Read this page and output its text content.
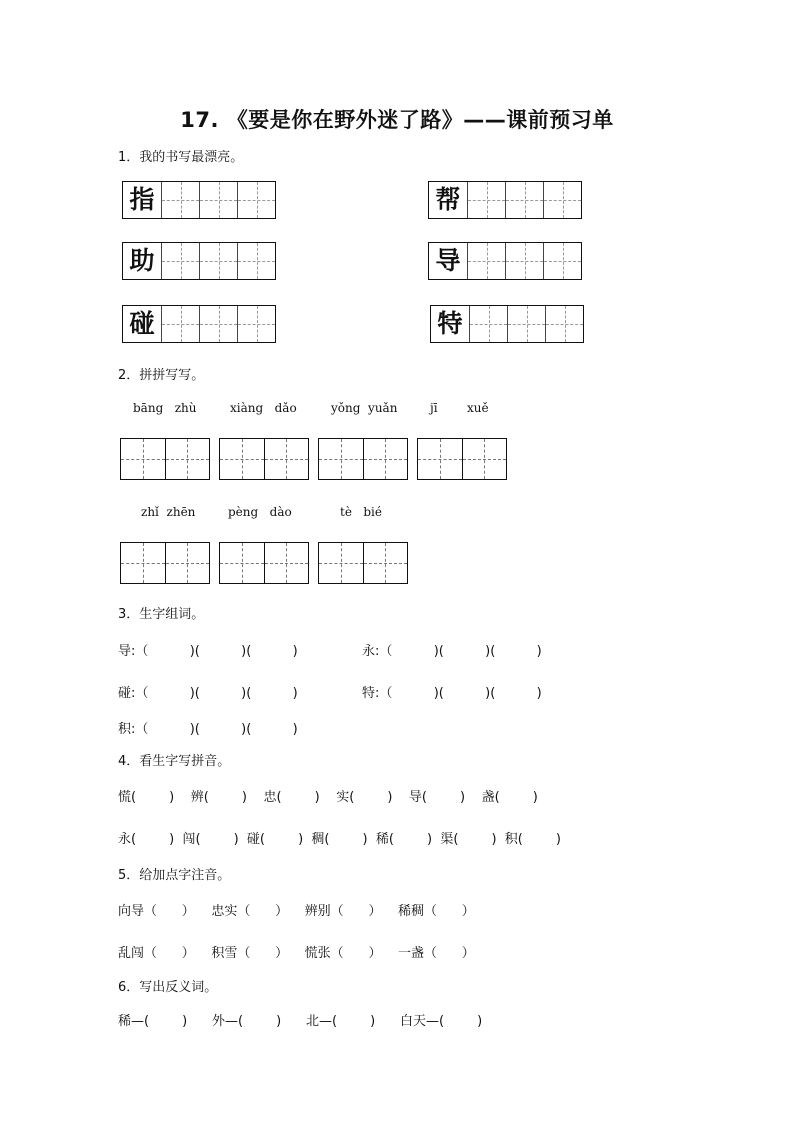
17. 《要是你在野外迷了路》——课前预习单
1．我的书写最漂亮。
指	帮
助	导
碰	特
2．拼拼写写。
bāng   zhù	xiàng   dǎo	yǒng  yuǎn	jī xuě
zhǐ  zhēn	pèng   dào	tè   bié
3．生字组词。
导:（          )(          )(          )	永:（          )(          )(          )
碰:（          )(          )(          )	特:（          )(          )(          )
积:（          )(          )(          )
4．看生字写拼音。
慌(        )    辨(        )    忠(        )    实(        )    导(        )    盏(        )
永(        )  闯(        )  碰(        )  稠(        )  稀(        )  渠(        )  积(        )
5．给加点字注音。
向导（      ）    忠实（      ）    辨别（      ）    稀稠（      ）
乱闯（      ）    积雪（      ）    慌张（      ）    一盏（      ）
6．写出反义词。
稀—(        )      外—(        )      北—(        )      白天—(        )
